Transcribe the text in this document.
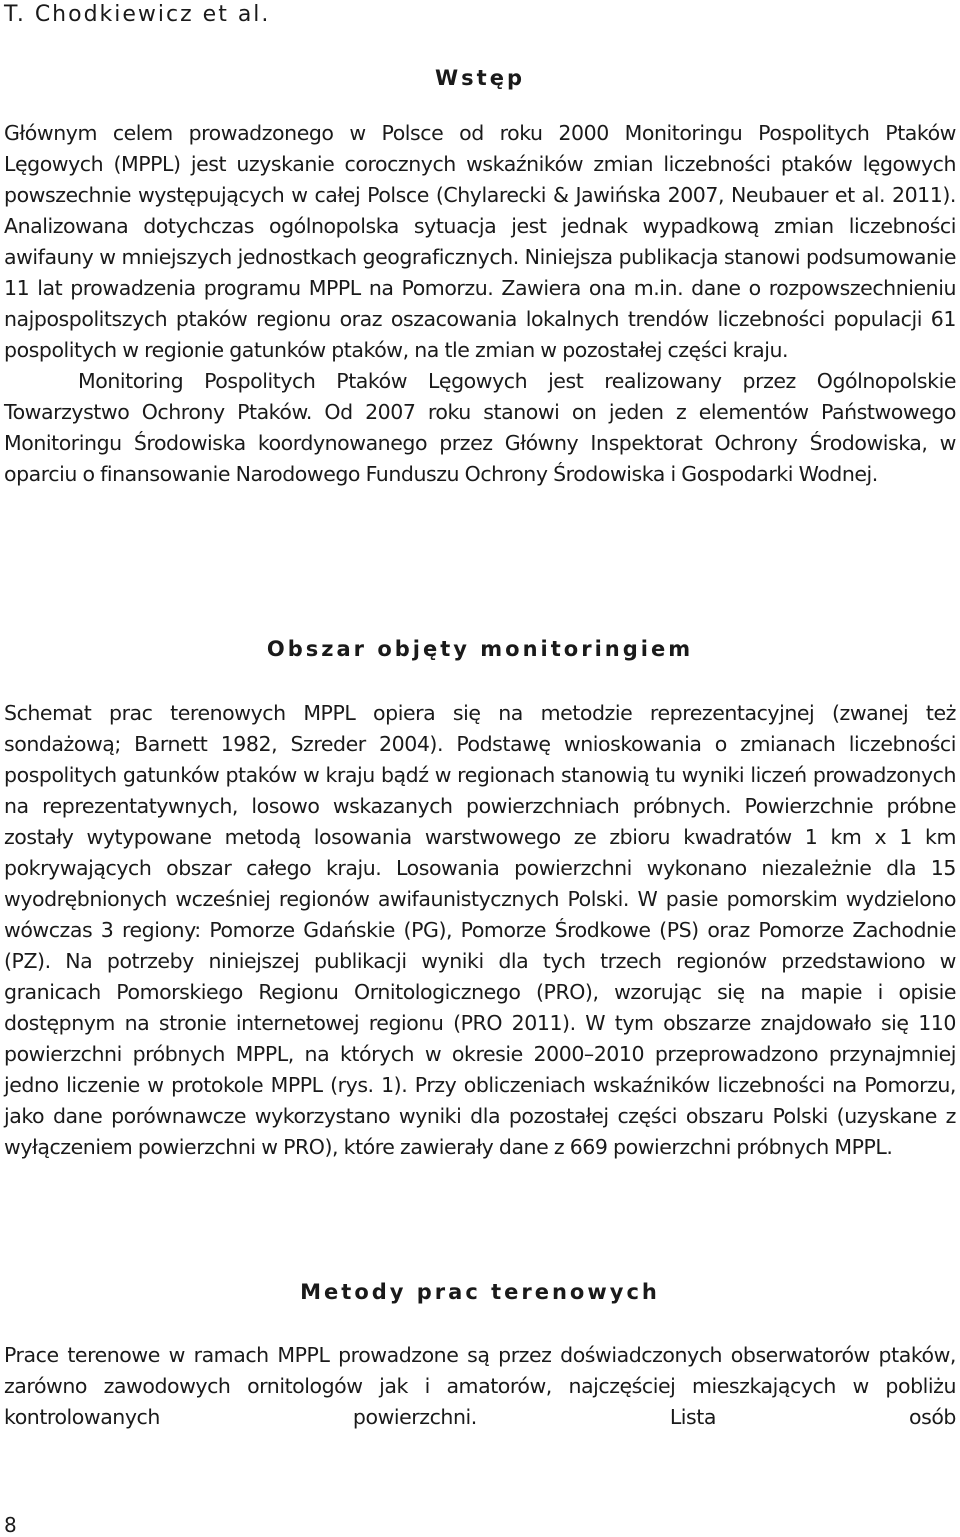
T. Chodkiewicz et al.
Wstęp

Głównym celem prowadzonego w Polsce od roku 2000 Monitoringu Pospolitych Ptaków Lęgowych (MPPL) jest uzyskanie corocznych wskaźników zmian liczebności ptaków lęgowych powszechnie występujących w całej Polsce (Chylarecki & Jawińska 2007, Neubauer et al. 2011). Analizowana dotychczas ogólnopolska sytuacja jest jednak wypadkową zmian liczebności awifauny w mniejszych jednostkach geograficznych. Niniejsza publikacja stanowi podsumowanie 11 lat prowadzenia programu MPPL na Pomorzu. Zawiera ona m.in. dane o rozpowszechnieniu najpospolitszych ptaków regionu oraz oszacowania lokalnych trendów liczebności populacji 61 pospolitych w regionie gatunków ptaków, na tle zmian w pozostałej części kraju.

Monitoring Pospolitych Ptaków Lęgowych jest realizowany przez Ogólnopolskie Towarzystwo Ochrony Ptaków. Od 2007 roku stanowi on jeden z elementów Państwowego Monitoringu Środowiska koordynowanego przez Główny Inspektorat Ochrony Środowiska, w oparciu o finansowanie Narodowego Funduszu Ochrony Środowiska i Gospodarki Wodnej.

Obszar objęty monitoringiem

Schemat prac terenowych MPPL opiera się na metodzie reprezentacyjnej (zwanej też sondażową; Barnett 1982, Szreder 2004). Podstawę wnioskowania o zmianach liczebności pospolitych gatunków ptaków w kraju bądź w regionach stanowią tu wyniki liczeń prowadzonych na reprezentatywnych, losowo wskazanych powierzchniach próbnych. Powierzchnie próbne zostały wytypowane metodą losowania warstwowego ze zbioru kwadratów 1 km x 1 km pokrywających obszar całego kraju. Losowania powierzchni wykonano niezależnie dla 15 wyodrębnionych wcześniej regionów awifaunistycznych Polski. W pasie pomorskim wydzielono wówczas 3 regiony: Pomorze Gdańskie (PG), Pomorze Środkowe (PS) oraz Pomorze Zachodnie (PZ). Na potrzeby niniejszej publikacji wyniki dla tych trzech regionów przedstawiono w granicach Pomorskiego Regionu Ornitologicznego (PRO), wzorując się na mapie i opisie dostępnym na stronie internetowej regionu (PRO 2011). W tym obszarze znajdowało się 110 powierzchni próbnych MPPL, na których w okresie 2000–2010 przeprowadzono przynajmniej jedno liczenie w protokole MPPL (rys. 1). Przy obliczeniach wskaźników liczebności na Pomorzu, jako dane porównawcze wykorzystano wyniki dla pozostałej części obszaru Polski (uzyskane z wyłączeniem powierzchni w PRO), które zawierały dane z 669 powierzchni próbnych MPPL.

Metody prac terenowych

Prace terenowe w ramach MPPL prowadzone są przez doświadczonych obserwatorów ptaków, zarówno zawodowych ornitologów jak i amatorów, najczęściej mieszkających w pobliżu kontrolowanych powierzchni. Lista osób

8
